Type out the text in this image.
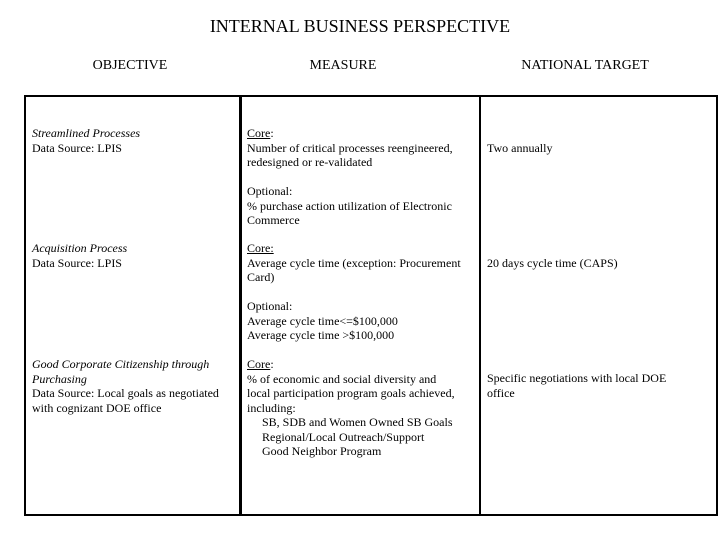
INTERNAL BUSINESS PERSPECTIVE
OBJECTIVE	MEASURE	NATIONAL TARGET
Streamlined Processes
Data Source: LPIS
Core:
Number of critical processes reengineered,
redesigned or re-validated
Optional:
% purchase action utilization of Electronic
Commerce
Two annually
Acquisition Process
Data Source: LPIS
Core:
Average cycle time (exception: Procurement
Card)
Optional:
Average cycle time<=$100,000
Average cycle time >$100,000
20 days cycle time (CAPS)
Good Corporate Citizenship through
Purchasing
Data Source: Local goals as negotiated
with cognizant DOE office
Core:
% of economic and social diversity and
local participation program goals achieved,
including:
SB, SDB and Women Owned SB Goals
Regional/Local Outreach/Support
Good Neighbor Program
Specific negotiations with local DOE
office
